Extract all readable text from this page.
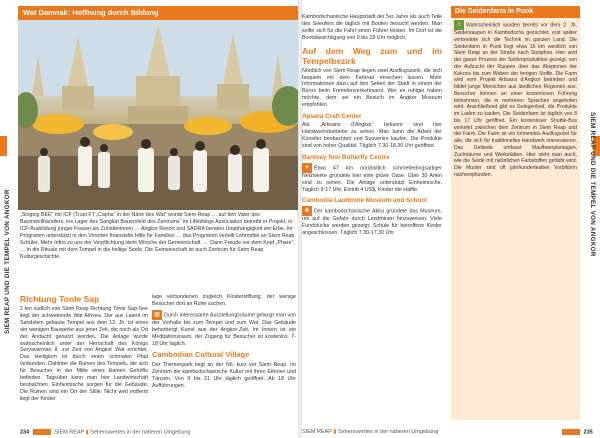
SIEM REAP UND DIE TEMPEL VON ANGKOR
SIEM REAP UND DIE TEMPEL VON ANGKOR
Wat Damnak: Hoffnung durch Bildung
„Singing BEE“ mit ICF (Trust FT „Capha“ in der Nähe des Wat“ wurde Siem Reap … auf den Vater des Baumwollhändlers, ins Lager des Sangkat Bauersfeld des Zentrums“ im Lifelsbirge Association betreibt et Projekt, in ICF-Ausbildung junger Frauen als Zuhälterinnen … Angkor Resort und SADRA beraten Unabhängigkeit am Erbe. Ihr Programm unterstützt in den Vororten finanzielle Hilfe für Familien … das Programm verteilt Lehrmittel an Siem Reap Schüler. Mehr Infos zu uns der Verpflichtung steht Mönche der Gemeinschaft. … Dann Freude vor dem Kopf „Phare“, … in die Rituale mit dem Tempel in die heilige Seele. Die Gemeinschaft ist auch Zentrum für Siem Reap Kulturgeschichte.
Richtung Tonle Sap
2 km südlich von Siem Reap Richtung Tonle Sap-See liegt der schwebende Wat Athvea. Der aus Laterit im Sandstein gebaute Tempel aus dem 12. Jh. ist eines der wenigen Bauwerke aus jener Zeit, die noch als Ort der Andacht genutzt werden. Die Anlage wurde wahrscheinlich unter der Herrschaft des Königs Suryavarman II. zur Zeit von Angkor Wat errichtet. Das Heiligtum ist durch einen schmalen Pfad verbunden. Dahinter die Ruinen des Tempels, die sich für Besucher in der Mitte eines kleinen Gehöfts befinden. Tagsüber kann man hier Landwirtschaft beobachten. Einheimische sorgen für die Gebäude. Die Ruinen sind ein Ort der Stille. Nicht weit entfernt liegt der Kinder
lage verbundenen zugleich Klosterstiftung, der wenige Besucher dort an Ruhe suchen.
▦ Durch interessante Ausstellungsräume gelangt man von der Vorhalle bis zum Tempel und zum Wat. Das Gebäude beherbergt Kunst aus der Angkor-Zeit. Im Innern ist ein Meditationsraum, der Zugang für Besucher ist kostenlos. 7-18 Uhr täglich.
Cambodian Cultural Village
Der Themenpark liegt an der N6, kurz vor Siem Reap. Im Zentrum die kambodschanische Kultur mit ihren Ethnien und Tänzen. Von 9 bis 21 Uhr täglich geöffnet. Ab 18 Uhr Aufführungen.
234	SIEM REAP ▮ Sehenswertes in der näheren Umgebung
Kambodschanische Hauptstadt der 5er Jahre als auch Teile des Seeufers die täglich mit Booten besucht werden. Man sollte sich für die Fahrt einen Führer leisten. Im Dorf ist die Bootsbesichtigung von 9 bis 18 Uhr möglich.
Auf dem Weg zum und im Tempelbezirk
Nördlich von Siem Reap liegen zwei Ausflugsziele, die sich bequem mit dem Fahrrad erreichen lassen. Mehr Informationen dazu auf den Seiten der Stadt in einem der Büros beim Fremdenverkehrsamt. Wer es ruhiger haben möchte, dem sei ein Besuch im Angkor Museum empfohlen.
Apsara Craft Center
Als „Artisans d'Angkor“ bekannt sind hier Handwerksbetriebe zu sehen. Man kann die Arbeit der Künstler beobachten und Souvenirs kaufen. Die Produkte sind von hoher Qualität. Täglich 7.30-18.30 Uhr geöffnet.
Banteay Srei Butterfly Centre
✦ Etwa 47 km nordöstlich schmetterlingsartiger Netzwerke gründete hier eine grüne Oase. Über 30 Arten sind zu sehen. Die Anlage unterstützt Einheimische. Täglich 9-17 Uhr, Eintritt 4 US$, Kinder die Hälfte.
Cambodia Landmine Museum and School
✚ Der kambodschanische Akira gründete das Museum, um auf die Gefahr durch Landminen hinzuweisen. Viele Fundstücke werden gezeigt. Schule für betroffene Kinder angeschlossen. Täglich 7.30-17.30 Uhr.
Die Seidenfarm in Puok
⌂ Wahrscheinlich wurden bereits vor dem 2. Jh. Seidenraupen in Kambodscha gezüchtet, erst später verbreitete sich die Technik im ganzen Land. Die Seidenfarm in Puok liegt etwa 16 km westlich von Siem Reap an der Straße nach Sisophon. Hier wird der ganze Prozess der Seidenproduktion gezeigt, von der Aufzucht der Raupen über das Abspinnen der Kokons bis zum Weben der fertigen Stoffe. Die Farm wird vom Projekt Artisans d'Angkor betrieben und bildet junge Menschen aus ländlichen Regionen aus. Besucher können an einer kostenlosen Führung teilnehmen, die in mehreren Sprachen angeboten wird. Anschließend gibt es Gelegenheit, die Produkte im Laden zu kaufen. Die Seidenfarm ist täglich von 8 bis 17 Uhr geöffnet. Ein kostenloser Shuttle-Bus verkehrt zwischen dem Zentrum in Siem Reap und der Farm. Die Farm ist ein lohnendes Ausflugsziel für alle, die sich für traditionelles Handwerk interessieren. Das Gelände umfasst Maulbeerplantagen, Zuchträume und Werkstätten. Hier sieht man auch, wie die Seide mit natürlichen Farbstoffen gefärbt wird. Die Muster sind oft jahrhundertealten Vorbildern nachempfunden.
SIEM REAP ▮ Sehenswertes in der näheren Umgebung	235
